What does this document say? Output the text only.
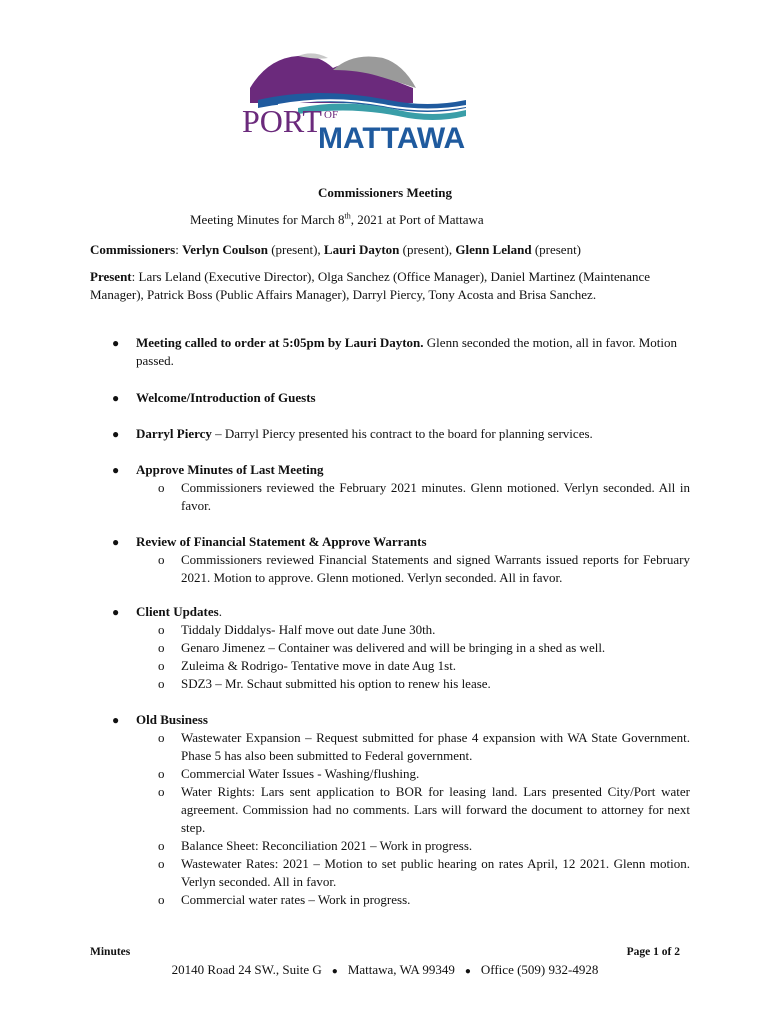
PORT OF
MATTAWA
Commissioners Meeting
Meeting Minutes for March 8th, 2021 at Port of Mattawa
Commissioners: Verlyn Coulson (present), Lauri Dayton (present), Glenn Leland (present)
Present: Lars Leland (Executive Director), Olga Sanchez (Office Manager), Daniel Martinez (Maintenance Manager), Patrick Boss (Public Affairs Manager), Darryl Piercy, Tony Acosta and Brisa Sanchez.
● Meeting called to order at 5:05pm by Lauri Dayton. Glenn seconded the motion, all in favor. Motion passed.
● Welcome/Introduction of Guests
● Darryl Piercy – Darryl Piercy presented his contract to the board for planning services.
● Approve Minutes of Last Meeting
o Commissioners reviewed the February 2021 minutes. Glenn motioned. Verlyn seconded. All in favor.
● Review of Financial Statement & Approve Warrants
o Commissioners reviewed Financial Statements and signed Warrants issued reports for February 2021. Motion to approve. Glenn motioned. Verlyn seconded. All in favor.
● Client Updates.
o Tiddaly Diddalys- Half move out date June 30th.
o Genaro Jimenez – Container was delivered and will be bringing in a shed as well.
o Zuleima & Rodrigo- Tentative move in date Aug 1st.
o SDZ3 – Mr. Schaut submitted his option to renew his lease.
● Old Business
o Wastewater Expansion – Request submitted for phase 4 expansion with WA State Government. Phase 5 has also been submitted to Federal government.
o Commercial Water Issues - Washing/flushing.
o Water Rights: Lars sent application to BOR for leasing land. Lars presented City/Port water agreement. Commission had no comments. Lars will forward the document to attorney for next step.
o Balance Sheet: Reconciliation 2021 – Work in progress.
o Wastewater Rates: 2021 – Motion to set public hearing on rates April, 12 2021. Glenn motion. Verlyn seconded. All in favor.
o Commercial water rates – Work in progress.
Minutes	Page 1 of 2
20140 Road 24 SW., Suite G ● Mattawa, WA 99349 ● Office (509) 932-4928
